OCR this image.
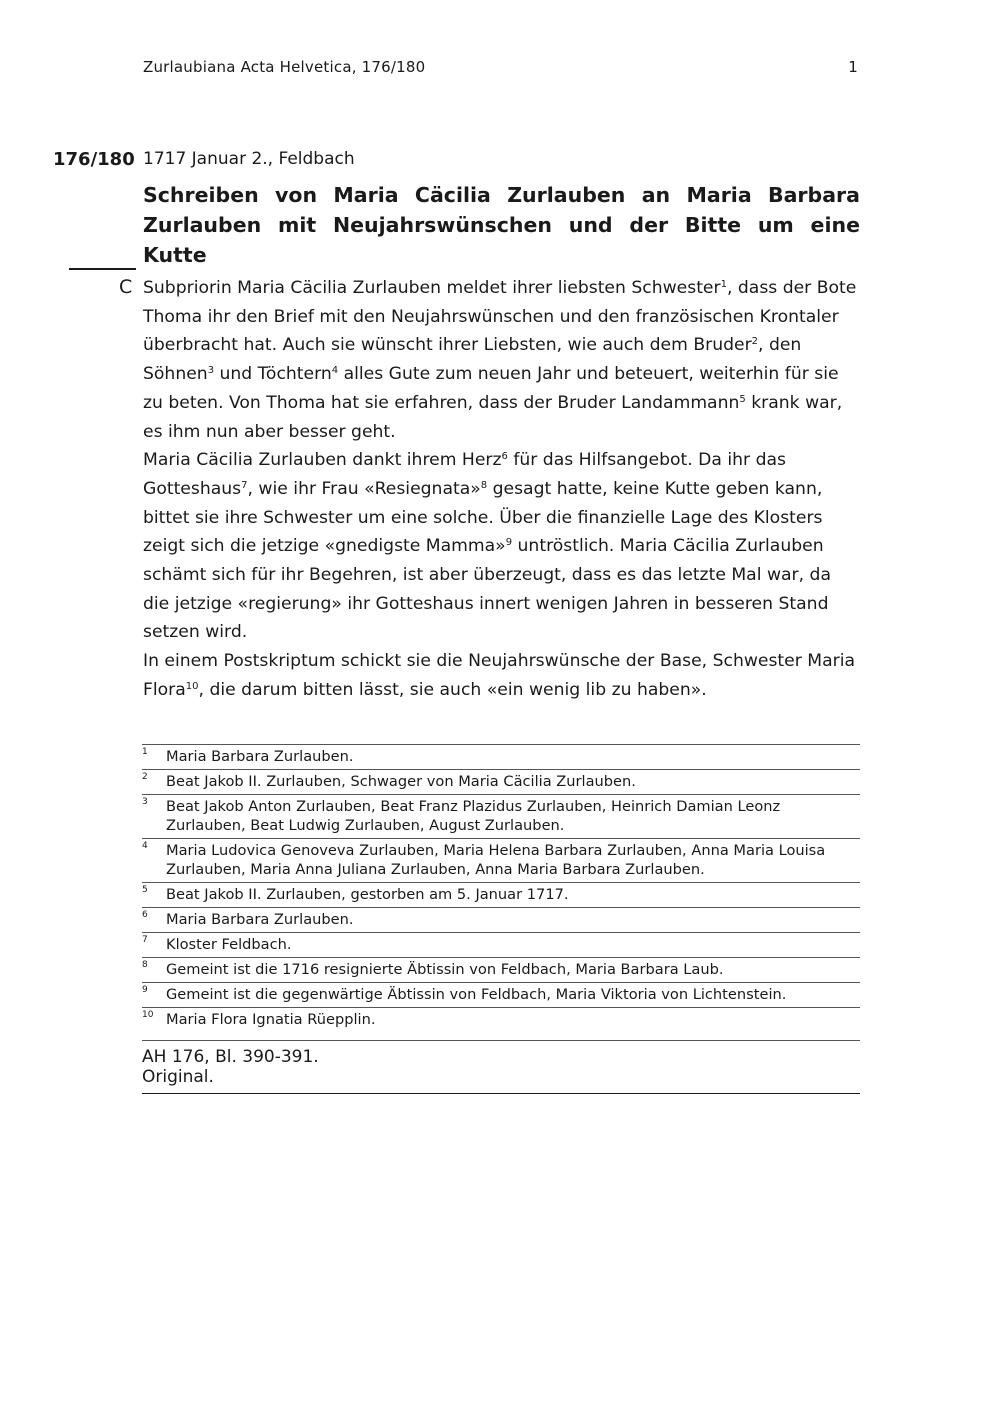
Zurlaubiana Acta Helvetica, 176/180	1
176/180 1717 Januar 2., Feldbach
Schreiben von Maria Cäcilia Zurlauben an Maria Barbara Zurlauben mit Neujahrswünschen und der Bitte um eine Kutte
C Subpriorin Maria Cäcilia Zurlauben meldet ihrer liebsten Schwester$^1$, dass der Bote Thoma ihr den Brief mit den Neujahrswünschen und den französischen Krontaler überbracht hat. Auch sie wünscht ihrer Liebsten, wie auch dem Bruder$^2$, den Söhnen$^3$ und Töchtern$^4$ alles Gute zum neuen Jahr und beteuert, weiterhin für sie zu beten. Von Thoma hat sie erfahren, dass der Bruder Landammann$^5$ krank war, es ihm nun aber besser geht.

Maria Cäcilia Zurlauben dankt ihrem Herz$^6$ für das Hilfsangebot. Da ihr das Gotteshaus$^7$, wie ihr Frau «Resiegnata»$^8$ gesagt hatte, keine Kutte geben kann, bittet sie ihre Schwester um eine solche. Über die finanzielle Lage des Klosters zeigt sich die jetzige «gnedigste Mamma»$^9$ untröstlich. Maria Cäcilia Zurlauben schämt sich für ihr Begehren, ist aber überzeugt, dass es das letzte Mal war, da die jetzige «regierung» ihr Gotteshaus innert wenigen Jahren in besseren Stand setzen wird.

In einem Postskriptum schickt sie die Neujahrswünsche der Base, Schwester Maria Flora$^{10}$, die darum bitten lässt, sie auch «ein wenig lib zu haben».

1	Maria Barbara Zurlauben.
2	Beat Jakob II. Zurlauben, Schwager von Maria Cäcilia Zurlauben.
3	Beat Jakob Anton Zurlauben, Beat Franz Plazidus Zurlauben, Heinrich Damian Leonz Zurlauben, Beat Ludwig Zurlauben, August Zurlauben.
4	Maria Ludovica Genoveva Zurlauben, Maria Helena Barbara Zurlauben, Anna Maria Louisa Zurlauben, Maria Anna Juliana Zurlauben, Anna Maria Barbara Zurlauben.
5	Beat Jakob II. Zurlauben, gestorben am 5. Januar 1717.
6	Maria Barbara Zurlauben.
7	Kloster Feldbach.
8	Gemeint ist die 1716 resignierte Äbtissin von Feldbach, Maria Barbara Laub.
9	Gemeint ist die gegenwärtige Äbtissin von Feldbach, Maria Viktoria von Lichtenstein.
10 Maria Flora Ignatia Rüepplin.
AH 176, Bl. 390-391.
Original.
